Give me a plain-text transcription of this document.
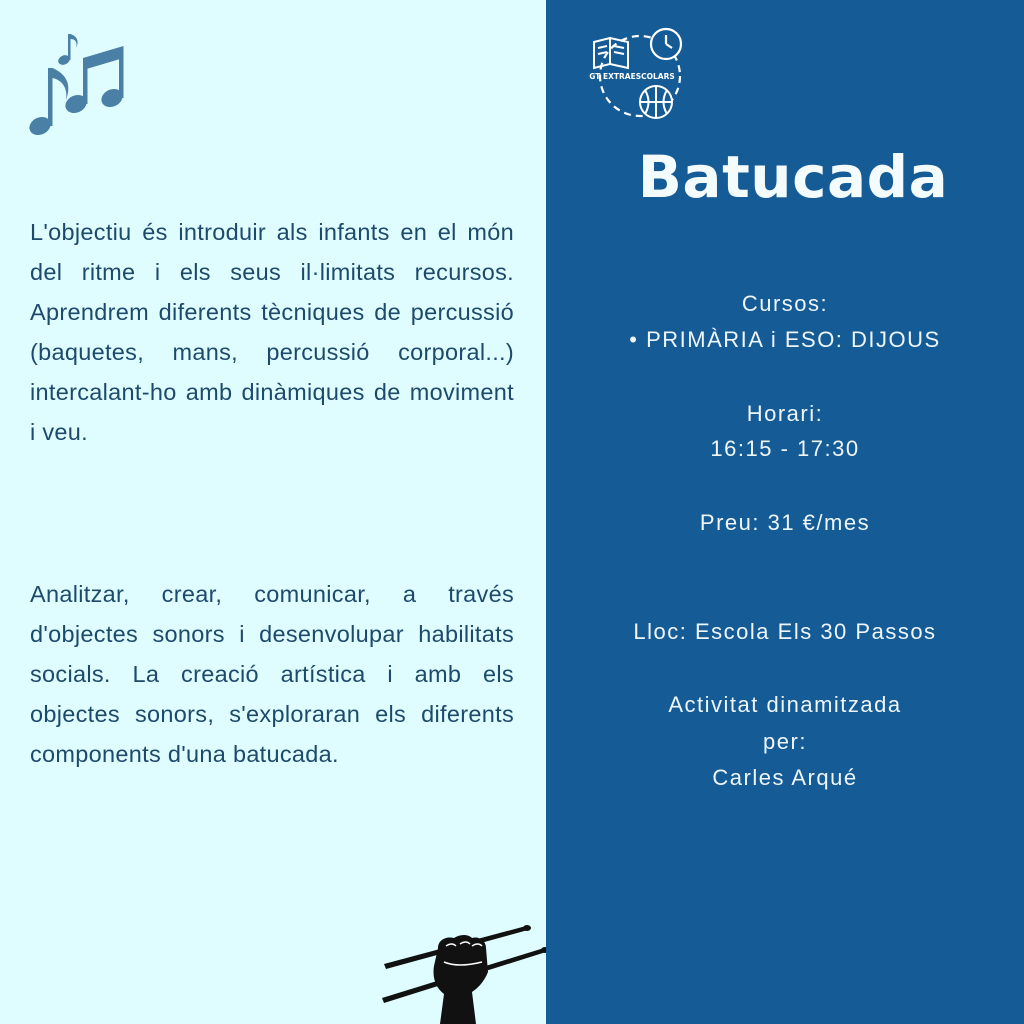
L'objectiu és introduir als infants en el món del ritme i els seus il·limitats recursos. Aprendrem diferents tècniques de percussió (baquetes, mans, percussió corporal...) intercalant-ho amb dinàmiques de moviment i veu.

Analitzar, crear, comunicar, a través d'objectes sonors i desenvolupar habilitats socials. La creació artística i amb els objectes sonors, s'exploraran els diferents components d'una batucada.

GT EXTRAESCOLARS
Batucada

Cursos:

• PRIMÀRIA i ESO: DIJOUS

Horari:

16:15 - 17:30

Preu: 31 €/mes

Lloc: Escola Els 30 Passos

Activitat dinamitzada

per:

Carles Arqué
